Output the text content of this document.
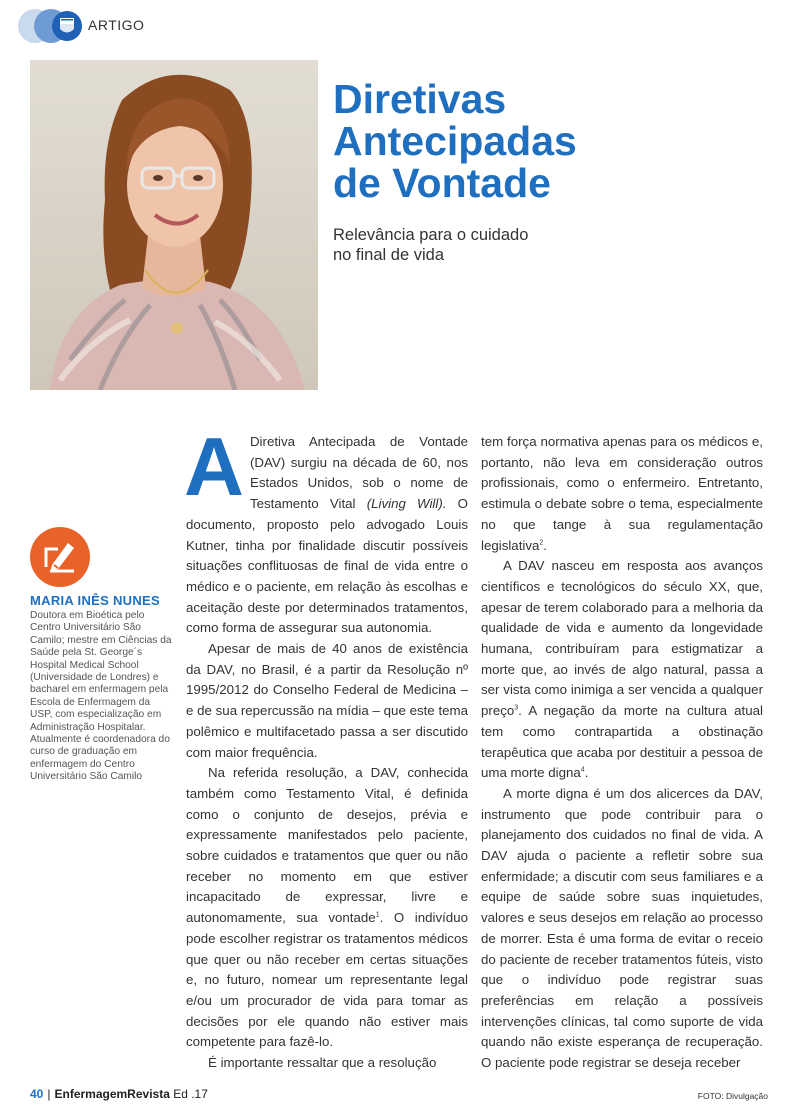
ARTIGO
Diretivas
Antecipadas
de Vontade
Relevância para o cuidado
no final de vida
MARIA INÊS NUNES
Doutora em Bioética pelo Centro Universitário São Camilo; mestre em Ciências da Saúde pela St. George´s Hospital Medical School (Universidade de Londres) e bacharel em enfermagem pela Escola de Enfermagem da USP, com especialização em Administração Hospitalar. Atualmente é coordenadora do curso de graduação em enfermagem do Centro Universitário São Camilo

A Diretiva Antecipada de Vontade (DAV) surgiu na década de 60, nos Estados Unidos, sob o nome de Testamento Vital (Living Will). O documento, proposto pelo advogado Louis Kutner, tinha por finalidade discutir possíveis situações conflituosas de final de vida entre o médico e o paciente, em relação às escolhas e aceitação deste por determinados tratamentos, como forma de assegurar sua autonomia.

Apesar de mais de 40 anos de existência da DAV, no Brasil, é a partir da Resolução nº 1995/2012 do Conselho Federal de Medicina – e de sua repercussão na mídia – que este tema polêmico e multifacetado passa a ser discutido com maior frequência.

Na referida resolução, a DAV, conhecida também como Testamento Vital, é definida como o conjunto de desejos, prévia e expressamente manifestados pelo paciente, sobre cuidados e tratamentos que quer ou não receber no momento em que estiver incapacitado de expressar, livre e autonomamente, sua vontade$^1$. O indivíduo pode escolher registrar os tratamentos médicos que quer ou não receber em certas situações e, no futuro, nomear um representante legal e/ou um procurador de vida para tomar as decisões por ele quando não estiver mais competente para fazê-lo.

É importante ressaltar que a resolução

tem força normativa apenas para os médicos e, portanto, não leva em consideração outros profissionais, como o enfermeiro. Entretanto, estimula o debate sobre o tema, especialmente no que tange à sua regulamentação legislativa$^2$.

A DAV nasceu em resposta aos avanços científicos e tecnológicos do século XX, que, apesar de terem colaborado para a melhoria da qualidade de vida e aumento da longevidade humana, contribuíram para estigmatizar a morte que, ao invés de algo natural, passa a ser vista como inimiga a ser vencida a qualquer preço$^3$. A negação da morte na cultura atual tem como contrapartida a obstinação terapêutica que acaba por destituir a pessoa de uma morte digna$^4$.

A morte digna é um dos alicerces da DAV, instrumento que pode contribuir para o planejamento dos cuidados no final de vida. A DAV ajuda o paciente a refletir sobre sua enfermidade; a discutir com seus familiares e a equipe de saúde sobre suas inquietudes, valores e seus desejos em relação ao processo de morrer. Esta é uma forma de evitar o receio do paciente de receber tratamentos fúteis, visto que o indivíduo pode registrar suas preferências em relação a possíveis intervenções clínicas, tal como suporte de vida quando não existe esperança de recuperação. O paciente pode registrar se deseja receber

40 | EnfermagemRevista Ed .17	FOTO: Divulgação
